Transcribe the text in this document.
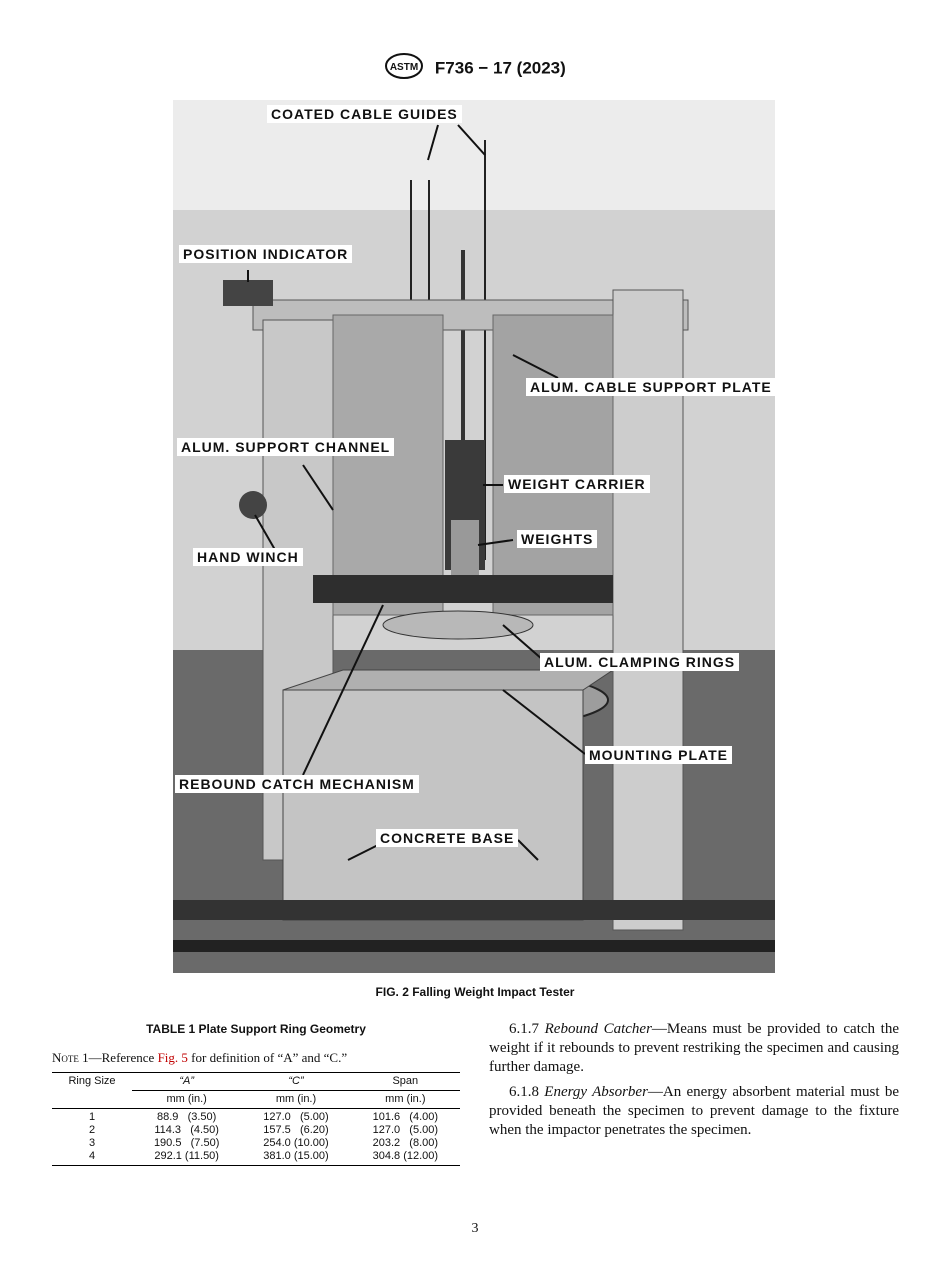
ASTM F736 − 17 (2023)
COATED CABLE GUIDES
POSITION INDICATOR
ALUM. CABLE SUPPORT PLATE
ALUM. SUPPORT CHANNEL
WEIGHT CARRIER
WEIGHTS
HAND WINCH
ALUM. CLAMPING RINGS
MOUNTING PLATE
REBOUND CATCH MECHANISM
CONCRETE BASE
FIG. 2 Falling Weight Impact Tester
TABLE 1 Plate Support Ring Geometry
Note 1—Reference Fig. 5 for definition of “A” and “C.”
Ring Size	“A”	“C”	Span
	mm (in.)	mm (in.)	mm (in.)
1	88.9   (3.50)	127.0   (5.00)	101.6   (4.00)
2	114.3   (4.50)	157.5   (6.20)	127.0   (5.00)
3	190.5   (7.50)	254.0 (10.00)	203.2   (8.00)
4	292.1 (11.50)	381.0 (15.00)	304.8 (12.00)

6.1.7 Rebound Catcher—Means must be provided to catch the weight if it rebounds to prevent restriking the specimen and causing further damage.

6.1.8 Energy Absorber—An energy absorbent material must be provided beneath the specimen to prevent damage to the fixture when the impactor penetrates the specimen.

3
